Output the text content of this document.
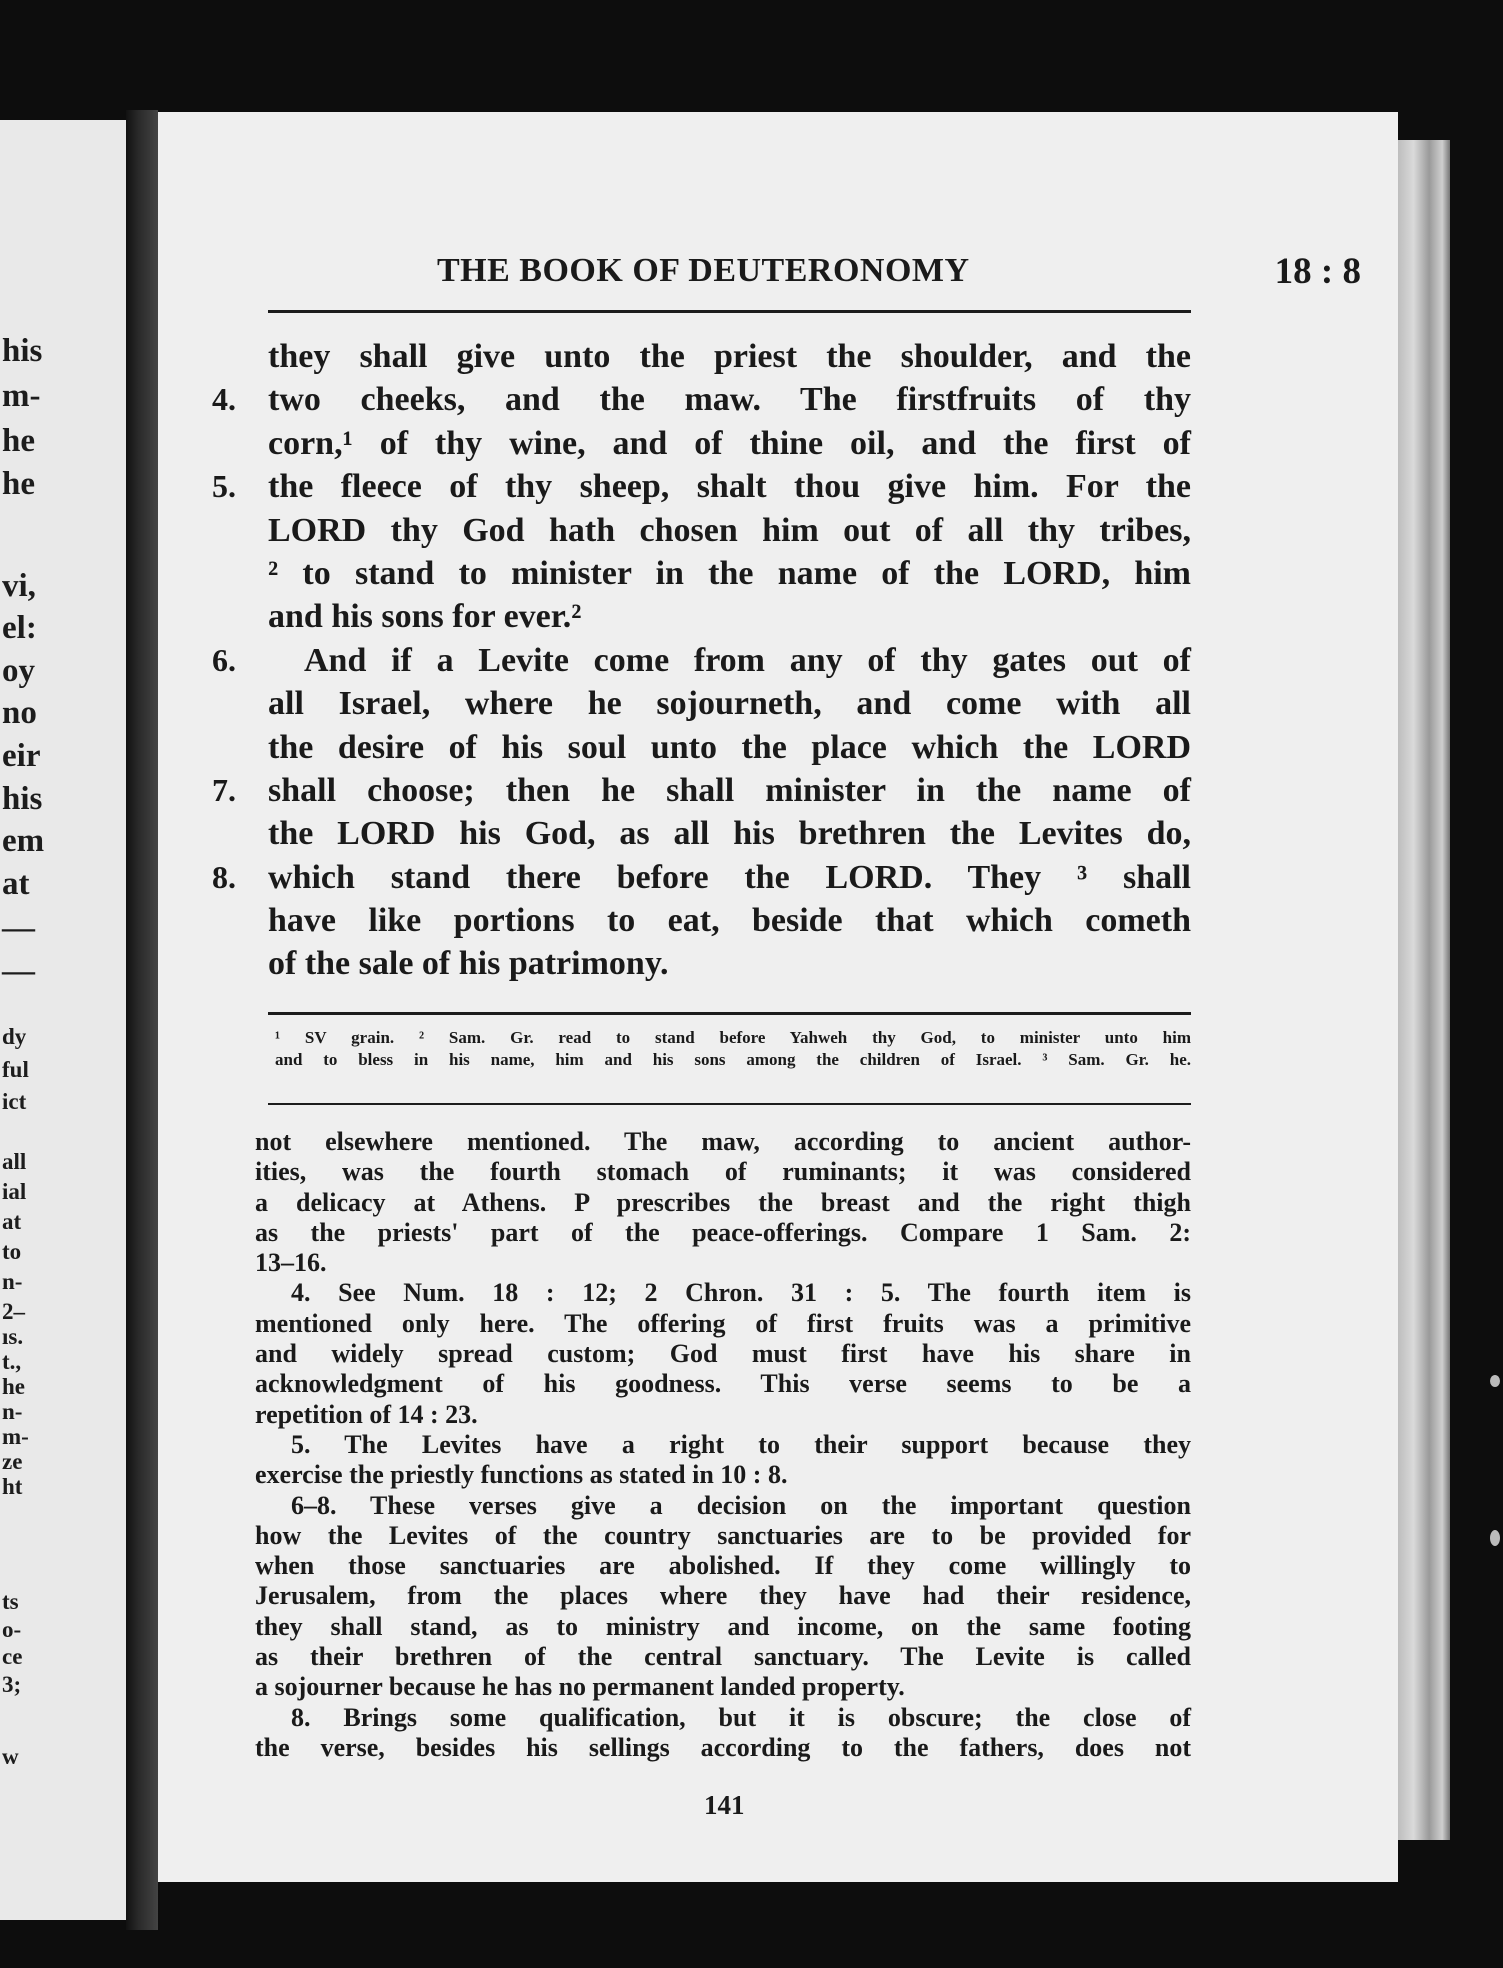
his
m-
he
he
vi,
el:
oy
no
eir
his
em
at
—
—
dy
ful
ict
all
ial
at
to
n-
2–
ıs.
t.,
he
n-
m-
ze
ht
ts
o-
ce
3;
w
THE BOOK OF DEUTERONOMY	18 : 8
they shall give unto the priest the shoulder, and the
4. two cheeks, and the maw. The firstfruits of thy
corn,¹ of thy wine, and of thine oil, and the first of
5. the fleece of thy sheep, shalt thou give him. For the
LORD thy God hath chosen him out of all thy tribes,
² to stand to minister in the name of the LORD, him
and his sons for ever.²
6. And if a Levite come from any of thy gates out of
all Israel, where he sojourneth, and come with all
the desire of his soul unto the place which the LORD
7. shall choose; then he shall minister in the name of
the LORD his God, as all his brethren the Levites do,
8. which stand there before the LORD. They ³ shall
have like portions to eat, beside that which cometh
of the sale of his patrimony.
¹ SV grain. ² Sam. Gr. read to stand before Yahweh thy God, to minister unto him
and to bless in his name, him and his sons among the children of Israel. ³ Sam. Gr. he.
not elsewhere mentioned. The maw, according to ancient author-
ities, was the fourth stomach of ruminants; it was considered
a delicacy at Athens. P prescribes the breast and the right thigh
as the priests' part of the peace-offerings. Compare 1 Sam. 2:
13–16.
4. See Num. 18 : 12; 2 Chron. 31 : 5. The fourth item is
mentioned only here. The offering of first fruits was a primitive
and widely spread custom; God must first have his share in
acknowledgment of his goodness. This verse seems to be a
repetition of 14 : 23.
5. The Levites have a right to their support because they
exercise the priestly functions as stated in 10 : 8.
6–8. These verses give a decision on the important question
how the Levites of the country sanctuaries are to be provided for
when those sanctuaries are abolished. If they come willingly to
Jerusalem, from the places where they have had their residence,
they shall stand, as to ministry and income, on the same footing
as their brethren of the central sanctuary. The Levite is called
a sojourner because he has no permanent landed property.
8. Brings some qualification, but it is obscure; the close of
the verse, besides his sellings according to the fathers, does not
141
